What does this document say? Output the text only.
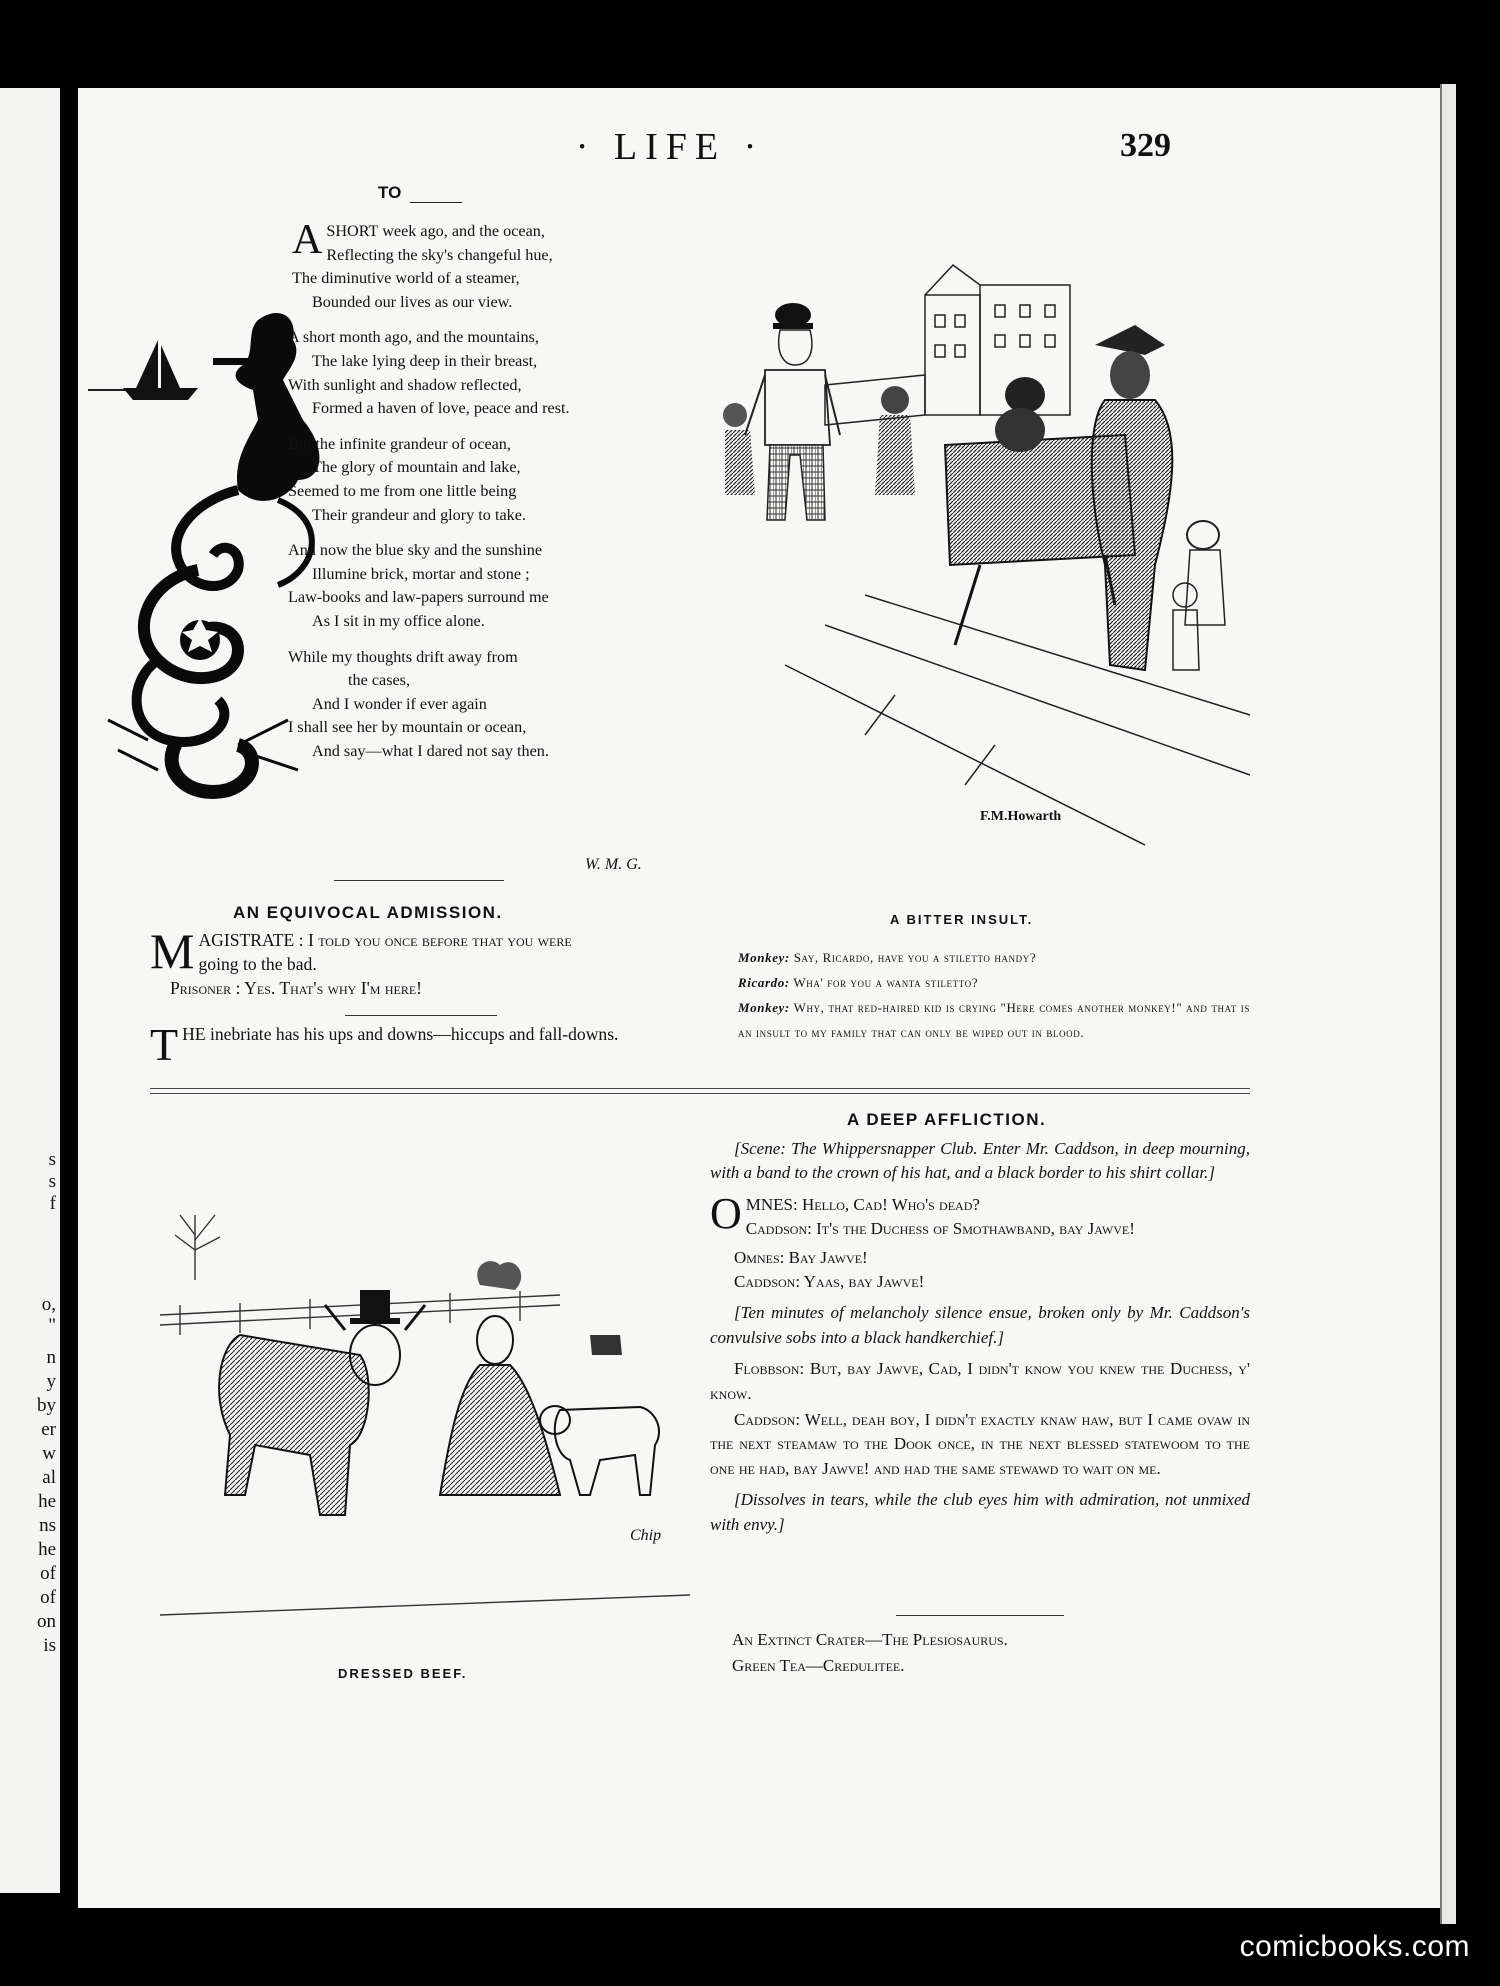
s
s
f
o,
"
n
y
by
er
w
al
he
ns
he
of
of
on
is
· LIFE ·	329
TO
A SHORT week ago, and the ocean,
Reflecting the sky's changeful hue,
The diminutive world of a steamer,
Bounded our lives as our view.
A short month ago, and the mountains,
The lake lying deep in their breast,
With sunlight and shadow reflected,
Formed a haven of love, peace and rest.
But the infinite grandeur of ocean,
The glory of mountain and lake,
Seemed to me from one little being
Their grandeur and glory to take.
And now the blue sky and the sunshine
Illumine brick, mortar and stone ;
Law-books and law-papers surround me
As I sit in my office alone.
While my thoughts drift away from
the cases,
And I wonder if ever again
I shall see her by mountain or ocean,
And say—what I dared not say then.
W. M. G.
AN EQUIVOCAL ADMISSION.
M AGISTRATE : I told you once before that you were
going to the bad.
Prisoner : Yes. That's why I'm here!
T HE inebriate has his ups and downs—hiccups and fall-downs.
F.M.Howarth
A BITTER INSULT.
Monkey: Say, Ricardo, have you a stiletto handy?
Ricardo: Wha' for you a wanta stiletto?
Monkey: Why, that red-haired kid is crying "Here comes another monkey!" and that is an insult to my family that can only be wiped out in blood.
Chip
DRESSED BEEF.
A DEEP AFFLICTION.

[Scene: The Whippersnapper Club. Enter Mr. Caddson, in deep mourning, with a band to the crown of his hat, and a black border to his shirt collar.]

O MNES: Hello, Cad! Who's dead?
Caddson: It's the Duchess of Smothawband, bay Jawve!

Omnes: Bay Jawve!

Caddson: Yaas, bay Jawve!

[Ten minutes of melancholy silence ensue, broken only by Mr. Caddson's convulsive sobs into a black handkerchief.]

Flobbson: But, bay Jawve, Cad, I didn't know you knew the Duchess, y' know.

Caddson: Well, deah boy, I didn't exactly knaw haw, but I came ovaw in the next steamaw to the Dook once, in the next blessed statewoom to the one he had, bay Jawve! and had the same stewawd to wait on me.

[Dissolves in tears, while the club eyes him with admiration, not unmixed with envy.]

An Extinct Crater—The Plesiosaurus.
Green Tea—Credulitee.
comicbooks.com
